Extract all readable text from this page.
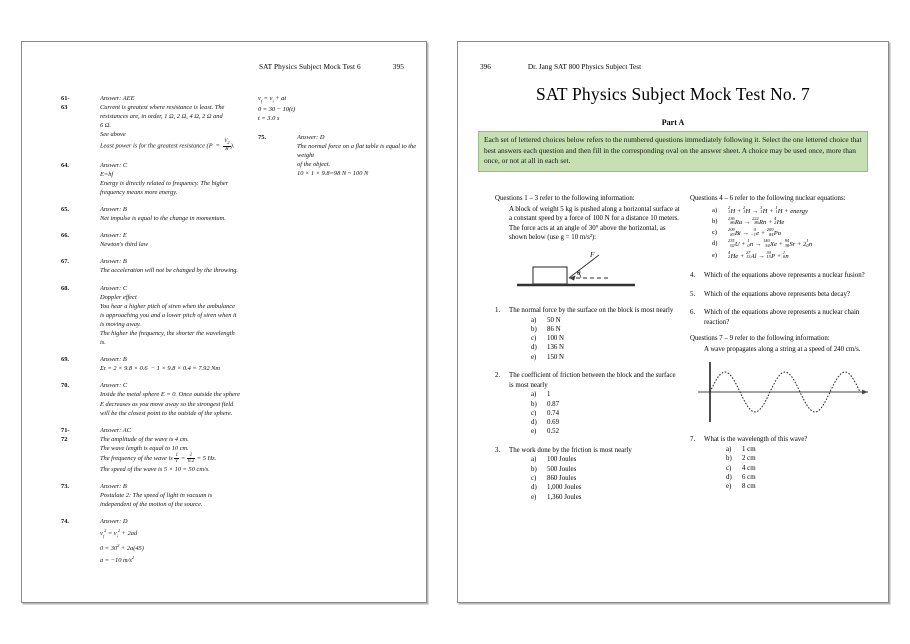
SAT Physics Subject Mock Test 6	395
61-
63
Answer: AEE
Current is greatest where resistance is least. The
resistances are, in order, 1 Ω, 2 Ω, 4 Ω, 2 Ω and
6 Ω.
See above
Least power is for the greatest resistance ($P = \frac{V_2}{R}$ ).
64.	Answer: C
E=hf
Energy is directly related to frequency. The higher
frequency means more energy.
65.	Answer: B
Net impulse is equal to the change in momentum.
66.	Answer: E
Newton's third law
67.	Answer: B
The acceleration will not be changed by the throwing.
68.	Answer: C
Doppler effect
You hear a higher pitch of siren when the ambulance
is approaching you and a lower pitch of siren when it
is moving away.
The higher the frequency, the shorter the wavelength
is.
69.	Answer: B
Στ = 2 × 9.8 × 0.6  − 1 × 9.8 × 0.4 = 7.92 Nm
70.	Answer: C
Inside the metal sphere E = 0. Once outside the sphere
E decreases as you move away so the strongest field
will be the closest point to the outside of the sphere.
71-
72
Answer: AC
The amplitude of the wave is 4 cm.
The wave length is equal to 10 cm.
The frequency of the wave is $\frac{1}{T} = \frac{1}{0.2} = 5$ Hz.
The speed of the wave is 5 × 10 = 50 cm/s.
73.	Answer: B
Postulate 2: The speed of light in vacuum is
independent of the motion of the source.
74.	Answer: D
$v_f^2 = v_i^2 + 2ad$
$0 = 30^2 + 2a(45)$
a = −10 $m/s^2$
$v_f = v_i$ + at
0 = 30 − 10(t)
t = 3.0 s
75.	Answer: D
The normal force on a flat table is equal to the weight
of the object.
10 × 1 × 9.8=98 N ~ 100 N
396	Dr. Jang SAT 800 Physics Subject Test
SAT Physics Subject Mock Test No. 7
Part A
Each set of lettered choices below refers to the numbered questions immediately following it. Select the one lettered choice that best answers each question and then fill in the corresponding oval on the answer sheet. A choice may be used once, more than once, or not at all in each set.
Questions 1 – 3 refer to the following information:
A block of weight 5 kg is pushed along a horizontal surface at a constant speed by a force of 100 N for a distance 10 meters. The force acts at an angle of 30° above the horizontal, as shown below (use g = 10 m/s²):
F
θ
1. The normal force by the surface on the block is most nearly
a) 50 N
b) 86 N
c) 100 N
d) 136 N
e) 150 N
2. The coefficient of friction between the block and the surface is most nearly
a) 1
b) 0.87
c) 0.74
d) 0.69
e) 0.52
3. The work done by the friction is most nearly
a) 100 Joules
b) 500 Joules
c) 860 Joules
d) 1,000 Joules
e) 1,360 Joules
Questions 4 – 6 refer to the following nuclear equations:
a) 2
1 H +
2
1 H →
3
1 H +
1
1 H + energy
b) 236
86 Ra →
222
86 Rn +
4
2 He
c) 209
83 Bi →
0
−1 e +
209
84 Po
d) 235
92 U +
1
0 n →
140
54 Xe +
94
38 Sr + 2
1
0 n
e) 4
2 He +
27
13 Al →
30
15 P +
1
0 n
4. Which of the equations above represents a nuclear fusion?
5. Which of the equations above represents beta decay?
6. Which of the equations above represents a nuclear chain reaction?
Questions 7 – 9 refer to the following information:
A wave propagates along a string at a speed of 240 cm/s.
7. What is the wavelength of this wave?
a) 1 cm
b) 2 cm
c) 4 cm
d) 6 cm
e) 8 cm
